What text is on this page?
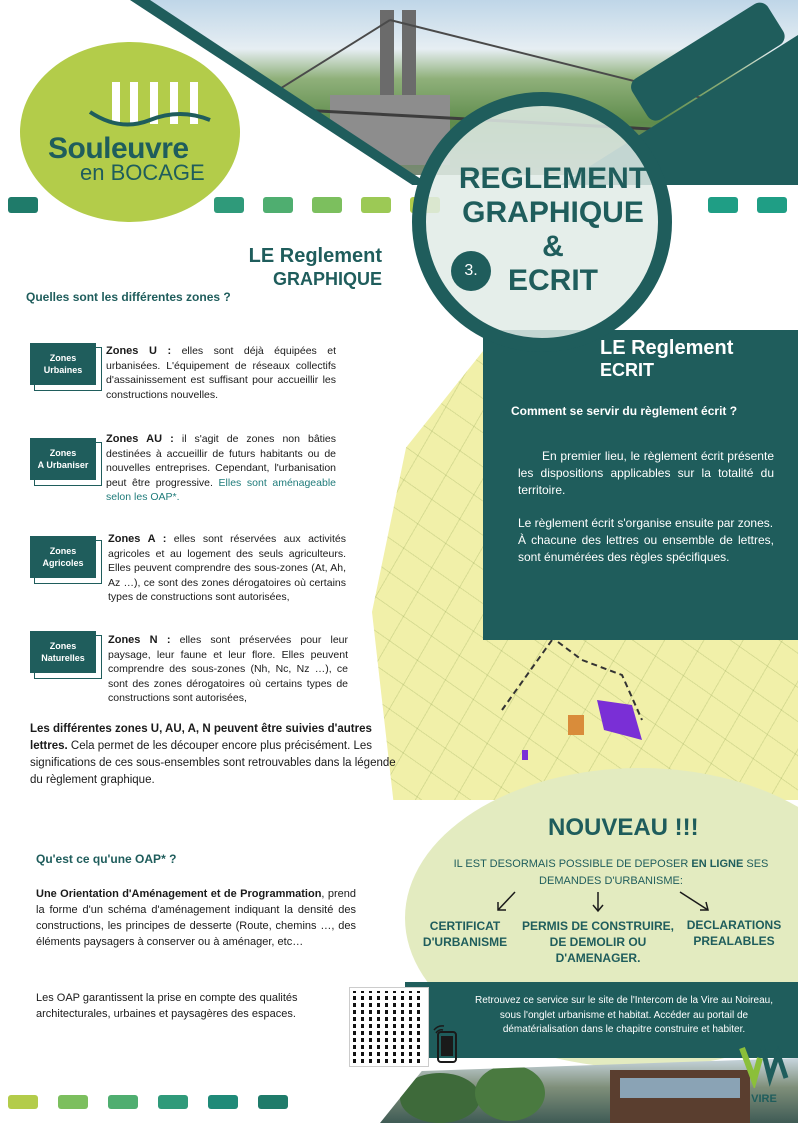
Souleuvre
en BOCAGE	REGLEMENT
GRAPHIQUE
&
ECRIT
3.
LE Reglement
GRAPHIQUE
Quelles sont les différentes zones ?
Zones
Urbaines
Zones U : elles sont déjà équipées et urbanisées. L'équipement de réseaux collectifs d'assainissement est suffisant pour accueillir les constructions nouvelles.
Zones
A Urbaniser
Zones AU : il s'agit de zones non bâties destinées à accueillir de futurs habitants ou de nouvelles entreprises. Cependant, l'urbanisation peut être progressive. Elles sont aménageable selon les OAP*.
Zones
Agricoles
Zones A : elles sont réservées aux activités agricoles et au logement des seuls agriculteurs. Elles peuvent comprendre des sous-zones (At, Ah, Az …), ce sont des zones dérogatoires où certains types de constructions sont autorisées,
Zones
Naturelles
Zones N : elles sont préservées pour leur paysage, leur faune et leur flore. Elles peuvent comprendre des sous-zones (Nh, Nc, Nz …), ce sont des zones dérogatoires où certains types de constructions sont autorisées,
Les différentes zones U, AU, A, N peuvent être suivies d'autres lettres. Cela permet de les découper encore plus précisément. Les significations de ces sous-ensembles sont retrouvables dans la légende du règlement graphique.
Qu'est ce qu'une OAP* ?
Une Orientation d'Aménagement et de Programmation, prend la forme d'un schéma d'aménagement indiquant la densité des constructions, les principes de desserte (Route, chemins …, des éléments paysagers à conserver ou à aménager, etc…
Les OAP garantissent la prise en compte des qualités architecturales, urbaines et paysagères des espaces.
LE Reglement
ECRIT
Comment se servir du règlement écrit ?

En premier lieu, le règlement écrit présente les dispositions applicables sur la totalité du territoire.

Le règlement écrit s'organise ensuite par zones.

À chacune des lettres ou ensemble de lettres, sont énumérées des règles spécifiques.

NOUVEAU !!!
IL EST DESORMAIS POSSIBLE DE DEPOSER EN LIGNE SES DEMANDES D'URBANISME:
CERTIFICAT D'URBANISME
PERMIS DE CONSTRUIRE, DE DEMOLIR OU D'AMENAGER.
DECLARATIONS PREALABLES
Retrouvez ce service sur le site de l'Intercom de la Vire au Noireau, sous l'onglet urbanisme et habitat. Accéder au portail de dématérialisation dans le chapitre construire et habiter.
VIRE
